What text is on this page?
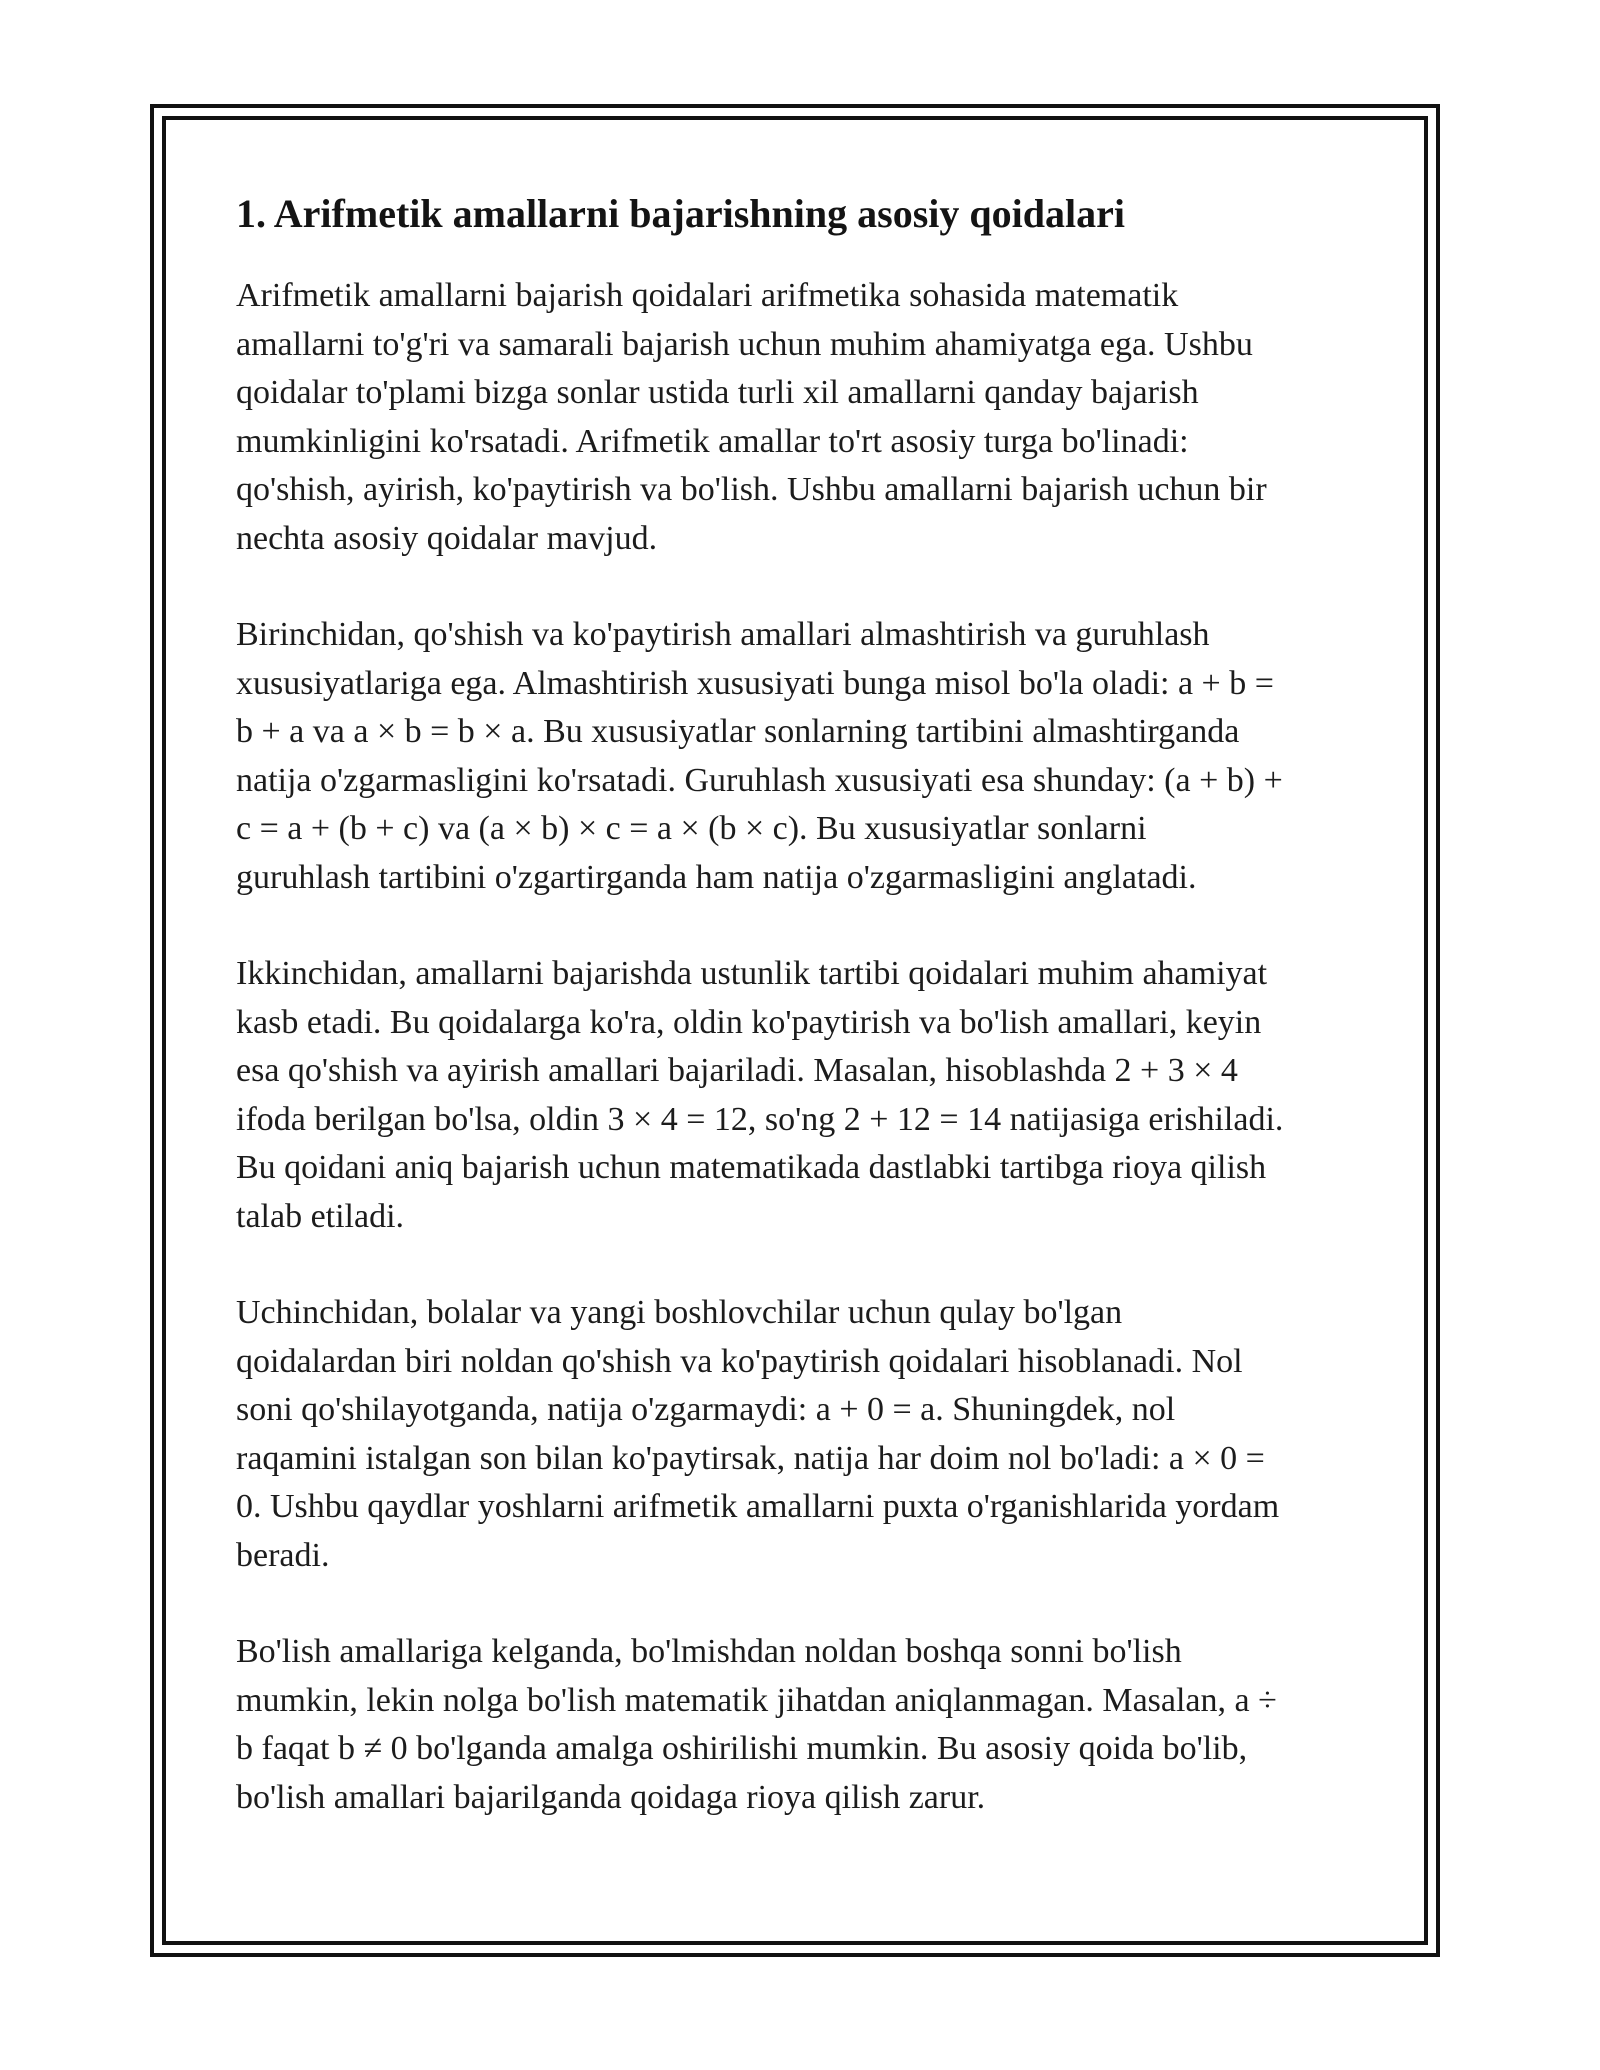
1. Arifmetik amallarni bajarishning asosiy qoidalari

Arifmetik amallarni bajarish qoidalari arifmetika sohasida matematik
amallarni to'g'ri va samarali bajarish uchun muhim ahamiyatga ega. Ushbu
qoidalar to'plami bizga sonlar ustida turli xil amallarni qanday bajarish
mumkinligini ko'rsatadi. Arifmetik amallar to'rt asosiy turga bo'linadi:
qo'shish, ayirish, ko'paytirish va bo'lish. Ushbu amallarni bajarish uchun bir
nechta asosiy qoidalar mavjud.

Birinchidan, qo'shish va ko'paytirish amallari almashtirish va guruhlash
xususiyatlariga ega. Almashtirish xususiyati bunga misol bo'la oladi: a + b =
b + a va a × b = b × a. Bu xususiyatlar sonlarning tartibini almashtirganda
natija o'zgarmasligini ko'rsatadi. Guruhlash xususiyati esa shunday: (a + b) +
c = a + (b + c) va (a × b) × c = a × (b × c). Bu xususiyatlar sonlarni
guruhlash tartibini o'zgartirganda ham natija o'zgarmasligini anglatadi.

Ikkinchidan, amallarni bajarishda ustunlik tartibi qoidalari muhim ahamiyat
kasb etadi. Bu qoidalarga ko'ra, oldin ko'paytirish va bo'lish amallari, keyin
esa qo'shish va ayirish amallari bajariladi. Masalan, hisoblashda 2 + 3 × 4
ifoda berilgan bo'lsa, oldin 3 × 4 = 12, so'ng 2 + 12 = 14 natijasiga erishiladi.
Bu qoidani aniq bajarish uchun matematikada dastlabki tartibga rioya qilish
talab etiladi.

Uchinchidan, bolalar va yangi boshlovchilar uchun qulay bo'lgan
qoidalardan biri noldan qo'shish va ko'paytirish qoidalari hisoblanadi. Nol
soni qo'shilayotganda, natija o'zgarmaydi: a + 0 = a. Shuningdek, nol
raqamini istalgan son bilan ko'paytirsak, natija har doim nol bo'ladi: a × 0 =
0. Ushbu qaydlar yoshlarni arifmetik amallarni puxta o'rganishlarida yordam
beradi.

Bo'lish amallariga kelganda, bo'lmishdan noldan boshqa sonni bo'lish
mumkin, lekin nolga bo'lish matematik jihatdan aniqlanmagan. Masalan, a ÷
b faqat b ≠ 0 bo'lganda amalga oshirilishi mumkin. Bu asosiy qoida bo'lib,
bo'lish amallari bajarilganda qoidaga rioya qilish zarur.
